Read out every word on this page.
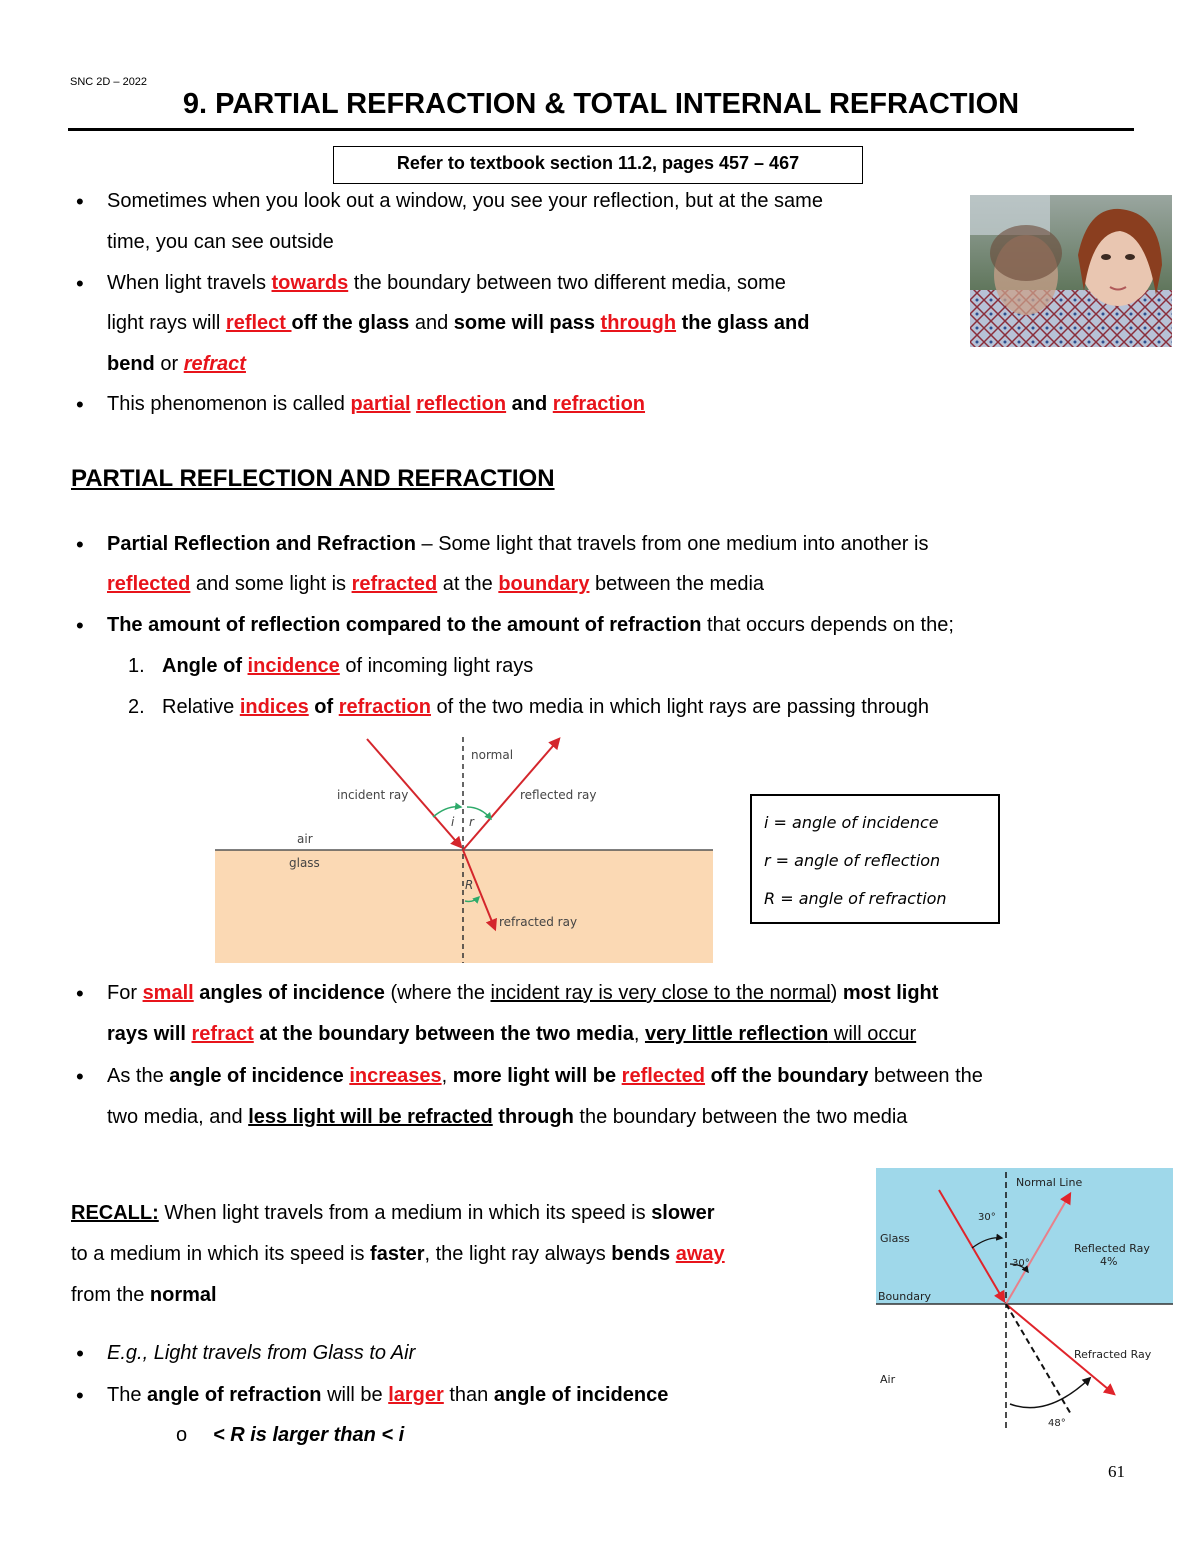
SNC 2D – 2022
9. PARTIAL REFRACTION & TOTAL INTERNAL REFRACTION
Refer to textbook section 11.2, pages 457 – 467
• Sometimes when you look out a window, you see your reflection, but at the same
time, you can see outside
• When light travels towards the boundary between two different media, some
light rays will reflect off the glass and some will pass through the glass and
bend or refract
• This phenomenon is called partial reflection and refraction
PARTIAL REFLECTION AND REFRACTION
• Partial Reflection and Refraction – Some light that travels from one medium into another is
reflected and some light is refracted at the boundary between the media
• The amount of reflection compared to the amount of refraction that occurs depends on the;
1. Angle of incidence of incoming light rays
2. Relative indices of refraction of the two media in which light rays are passing through
normal
incident ray	reflected ray
air
glass
refracted ray
i r
R
i = angle of incidence
r = angle of reflection
R = angle of refraction
• For small angles of incidence (where the incident ray is very close to the normal) most light
rays will refract at the boundary between the two media, very little reflection will occur
• As the angle of incidence increases, more light will be reflected off the boundary between the
two media, and less light will be refracted through the boundary between the two media
RECALL: When light travels from a medium in which its speed is slower
to a medium in which its speed is faster, the light ray always bends away
from the normal
• E.g., Light travels from Glass to Air
• The angle of refraction will be larger than angle of incidence
o < R is larger than < i
Normal Line
Glass
Boundary
Air
Reflected Ray
4%
Refracted Ray
30°
30°
48°
61
